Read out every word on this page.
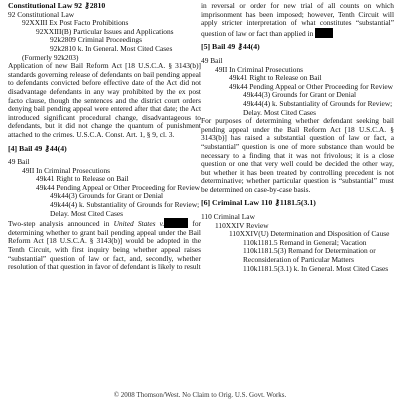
Constitutional Law 92 ⚷2810

92 Constitutional Law

92XXIII Ex Post Facto Prohibitions

92XXIII(B) Particular Issues and Applications

92k2809 Criminal Proceedings

92k2810 k. In General. Most Cited Cases

(Formerly 92k203)

Application of new Bail Reform Act [18 U.S.C.A. § 3143(b)] standards governing release of defendants on bail pending appeal to defendants convicted before effective date of the Act did not disadvantage defendants in any way prohibited by the ex post facto clause, though the sentences and the district court orders denying bail pending appeal were entered after that date; the Act introduced significant procedural change, disadvantageous to defendants, but it did not change the quantum of punishment attached to the crimes. U.S.C.A. Const. Art. 1, § 9, cl. 3.

[4] Bail 49 ⚷44(4)

49 Bail

49II In Criminal Prosecutions

49k41 Right to Release on Bail

49k44 Pending Appeal or Other Proceeding for Review

49k44(3) Grounds for Grant or Denial

49k44(4) k. Substantiality of Grounds for Review; Delay. Most Cited Cases

Two-step analysis announced in United States v.	for determining whether to grant bail pending appeal under the Bail Reform Act [18 U.S.C.A. § 3143(b)] would be adopted in the Tenth Circuit, with first inquiry being whether appeal raises “substantial” question of law or fact, and, secondly, whether resolution of that question in favor of defendant is likely to result

in reversal or order for new trial of all counts on which imprisonment has been imposed; however, Tenth Circuit will apply stricter interpretation of what constitutes “substantial” question of law or fact than applied in

[5] Bail 49 ⚷44(4)

49 Bail

49II In Criminal Prosecutions

49k41 Right to Release on Bail

49k44 Pending Appeal or Other Proceeding for Review

49k44(3) Grounds for Grant or Denial

49k44(4) k. Substantiality of Grounds for Review; Delay. Most Cited Cases

For purposes of determining whether defendant seeking bail pending appeal under the Bail Reform Act [18 U.S.C.A. § 3143(b)] has raised a substantial question of law or fact, a “substantial” question is one of more substance than would be necessary to a finding that it was not frivolous; it is a close question or one that very well could be decided the other way, but whether it has been treated by controlling precedent is not determinative; whether particular question is “substantial” must be determined on case-by-case basis.

[6] Criminal Law 110 ⚷1181.5(3.1)

110 Criminal Law

110XXIV Review

110XXIV(U) Determination and Disposition of Cause

110k1181.5 Remand in General; Vacation

110k1181.5(3) Remand for Determination or Reconsideration of Particular Matters

110k1181.5(3.1) k. In General. Most Cited Cases

© 2008 Thomson/West. No Claim to Orig. U.S. Govt. Works.
